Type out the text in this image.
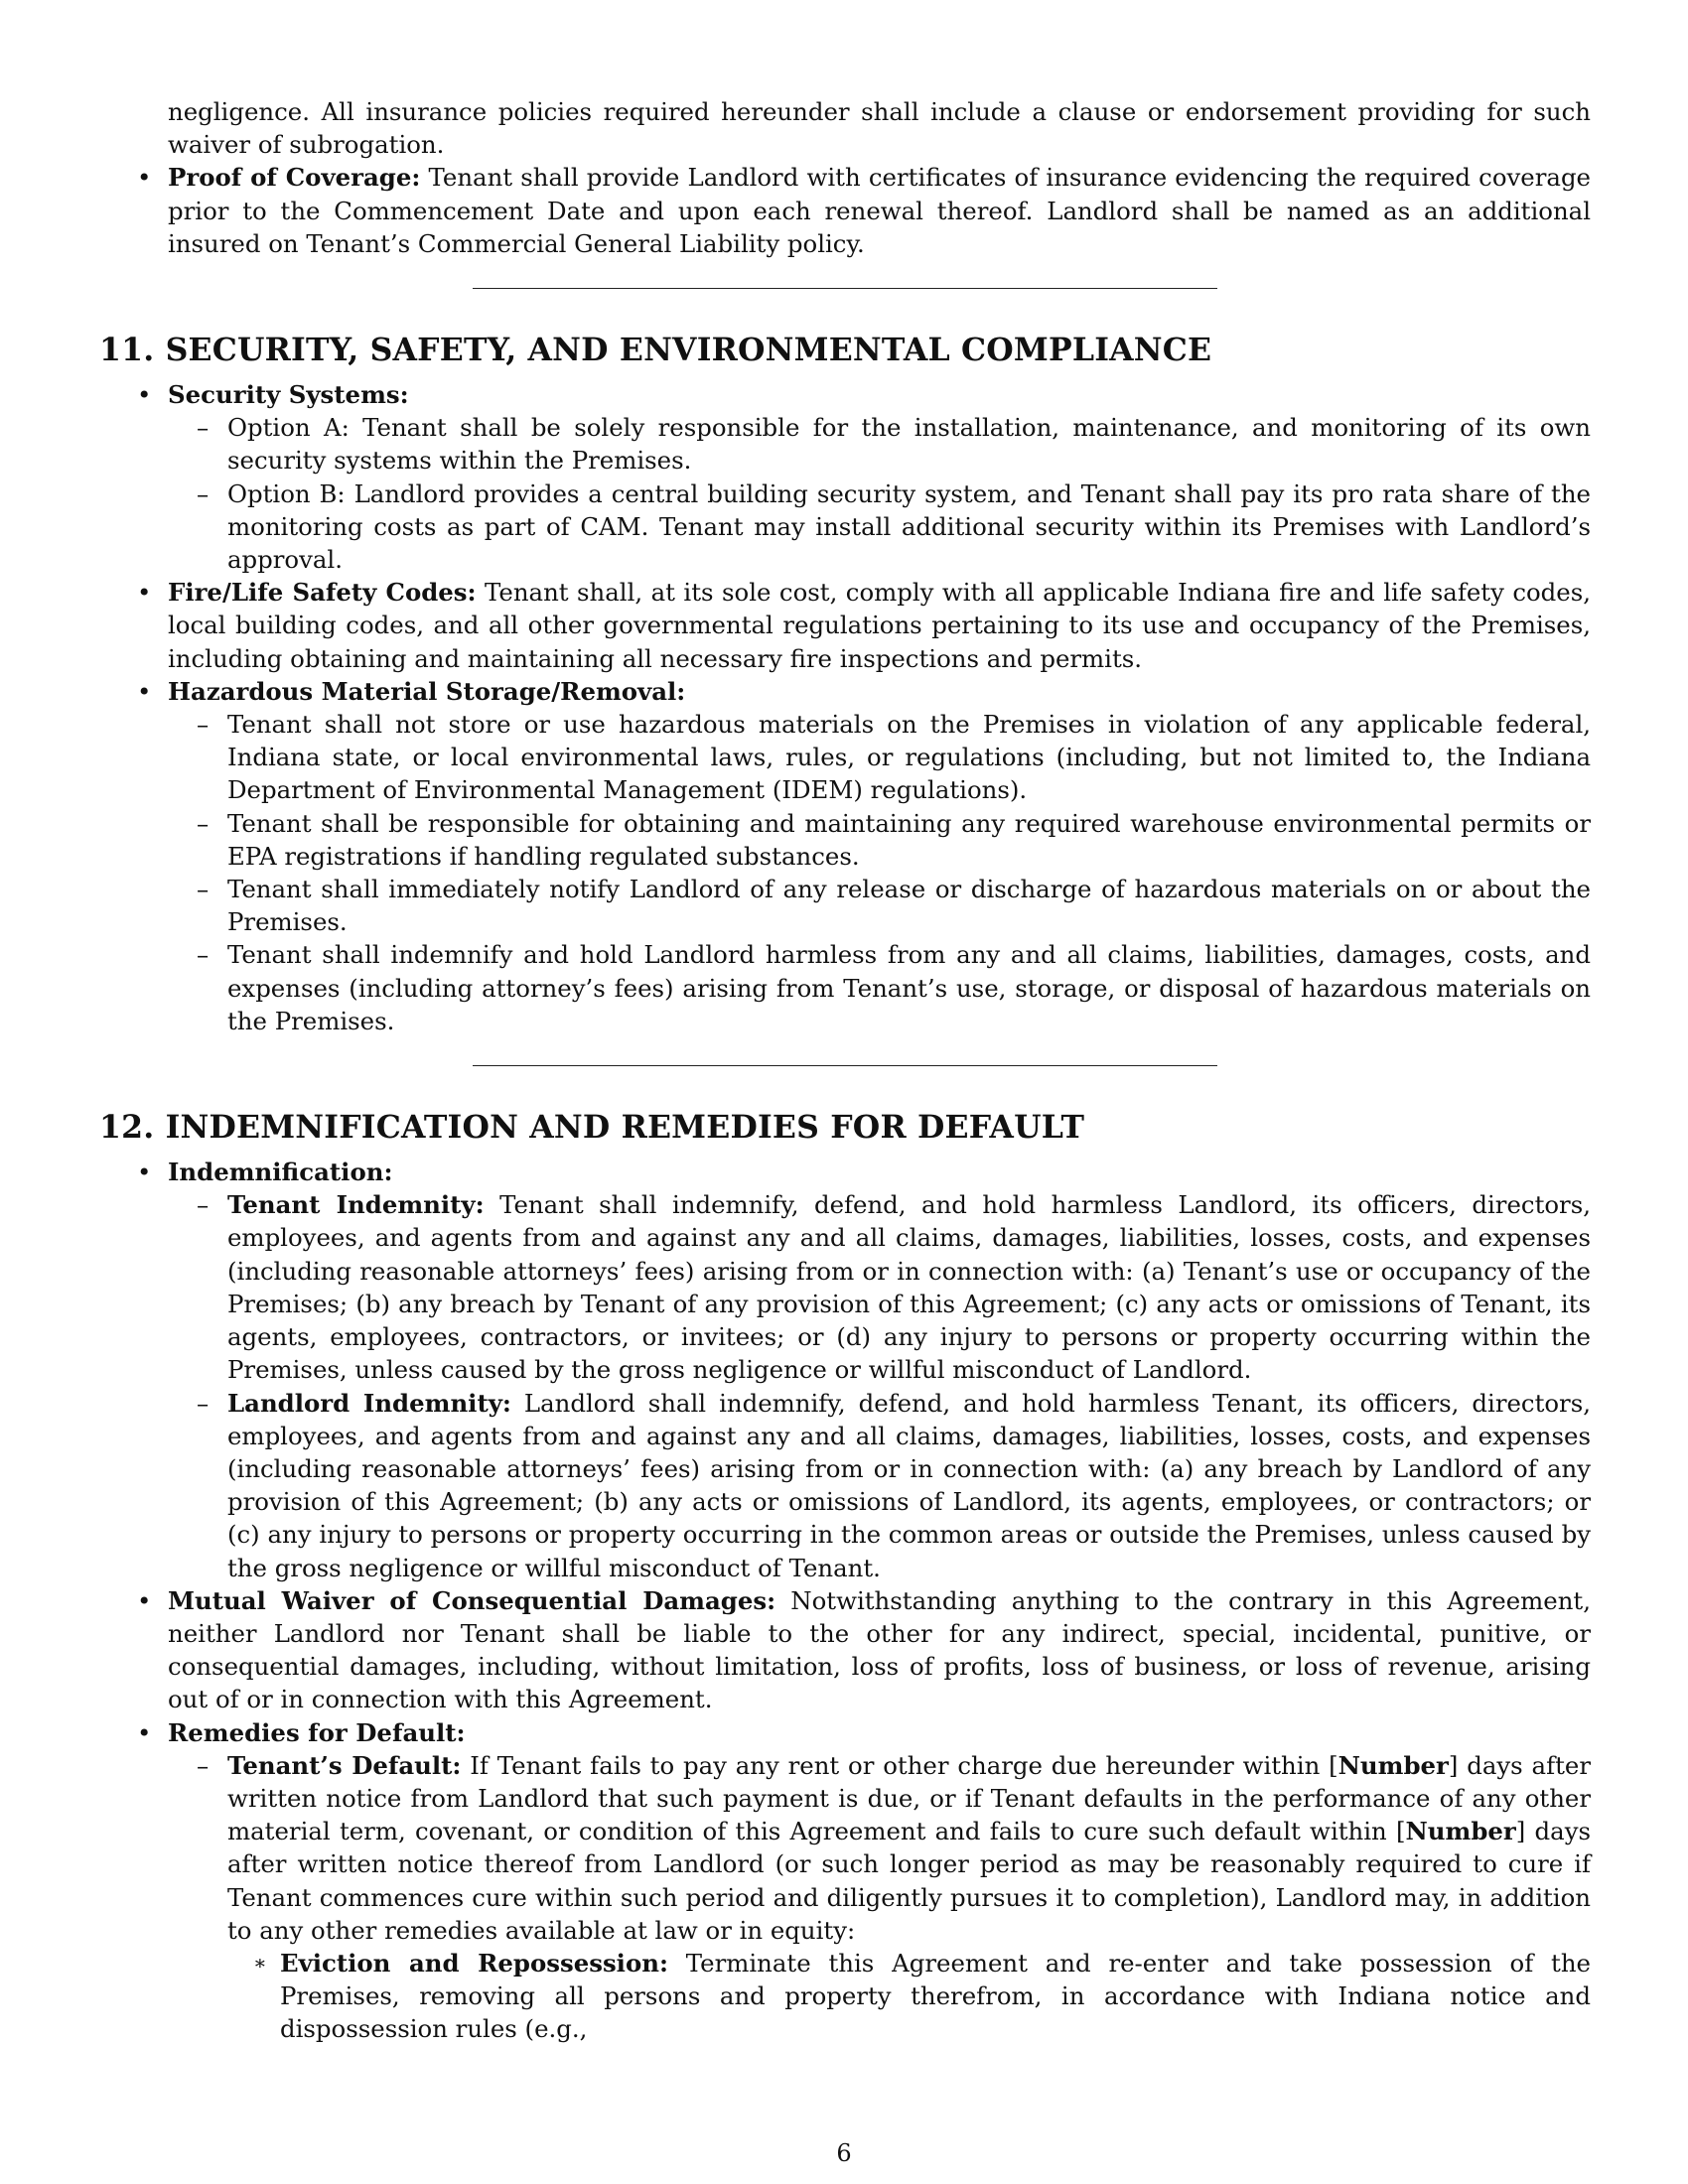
negligence. All insurance policies required hereunder shall include a clause or endorsement providing for such waiver of subrogation.

• Proof of Coverage: Tenant shall provide Landlord with certificates of insurance evidencing the required coverage prior to the Commencement Date and upon each renewal thereof. Landlord shall be named as an additional insured on Tenant’s Commercial General Liability policy.

11. SECURITY, SAFETY, AND ENVIRONMENTAL COMPLIANCE
• Security Systems:

– Option A: Tenant shall be solely responsible for the installation, maintenance, and monitoring of its own security systems within the Premises.

– Option B: Landlord provides a central building security system, and Tenant shall pay its pro rata share of the monitoring costs as part of CAM. Tenant may install additional security within its Premises with Landlord’s approval.

• Fire/Life Safety Codes: Tenant shall, at its sole cost, comply with all applicable Indiana fire and life safety codes, local building codes, and all other governmental regulations pertaining to its use and occupancy of the Premises, including obtaining and maintaining all necessary fire inspections and permits.

• Hazardous Material Storage/Removal:

– Tenant shall not store or use hazardous materials on the Premises in violation of any applicable federal, Indiana state, or local environmental laws, rules, or regulations (including, but not limited to, the Indiana Department of Environmental Management (IDEM) regulations).

– Tenant shall be responsible for obtaining and maintaining any required warehouse environmental permits or EPA registrations if handling regulated substances.

– Tenant shall immediately notify Landlord of any release or discharge of hazardous materials on or about the Premises.

– Tenant shall indemnify and hold Landlord harmless from any and all claims, liabilities, damages, costs, and expenses (including attorney’s fees) arising from Tenant’s use, storage, or disposal of hazardous materials on the Premises.

12. INDEMNIFICATION AND REMEDIES FOR DEFAULT
• Indemnification:

– Tenant Indemnity: Tenant shall indemnify, defend, and hold harmless Landlord, its officers, directors, employees, and agents from and against any and all claims, damages, liabilities, losses, costs, and expenses (including reasonable attorneys’ fees) arising from or in connection with: (a) Tenant’s use or occupancy of the Premises; (b) any breach by Tenant of any provision of this Agreement; (c) any acts or omissions of Tenant, its agents, employees, contractors, or invitees; or (d) any injury to persons or property occurring within the Premises, unless caused by the gross negligence or willful misconduct of Landlord.

– Landlord Indemnity: Landlord shall indemnify, defend, and hold harmless Tenant, its officers, directors, employees, and agents from and against any and all claims, damages, liabilities, losses, costs, and expenses (including reasonable attorneys’ fees) arising from or in connection with: (a) any breach by Landlord of any provision of this Agreement; (b) any acts or omissions of Landlord, its agents, employees, or contractors; or (c) any injury to persons or property occurring in the common areas or outside the Premises, unless caused by the gross negligence or willful misconduct of Tenant.

• Mutual Waiver of Consequential Damages: Notwithstanding anything to the contrary in this Agreement, neither Landlord nor Tenant shall be liable to the other for any indirect, special, incidental, punitive, or consequential damages, including, without limitation, loss of profits, loss of business, or loss of revenue, arising out of or in connection with this Agreement.

• Remedies for Default:

– Tenant’s Default: If Tenant fails to pay any rent or other charge due hereunder within [Number] days after written notice from Landlord that such payment is due, or if Tenant defaults in the performance of any other material term, covenant, or condition of this Agreement and fails to cure such default within [Number] days after written notice thereof from Landlord (or such longer period as may be reasonably required to cure if Tenant commences cure within such period and diligently pursues it to completion), Landlord may, in addition to any other remedies available at law or in equity:

∗ Eviction and Repossession: Terminate this Agreement and re-enter and take possession of the Premises, removing all persons and property therefrom, in accordance with Indiana notice and dispossession rules (e.g.,

6
